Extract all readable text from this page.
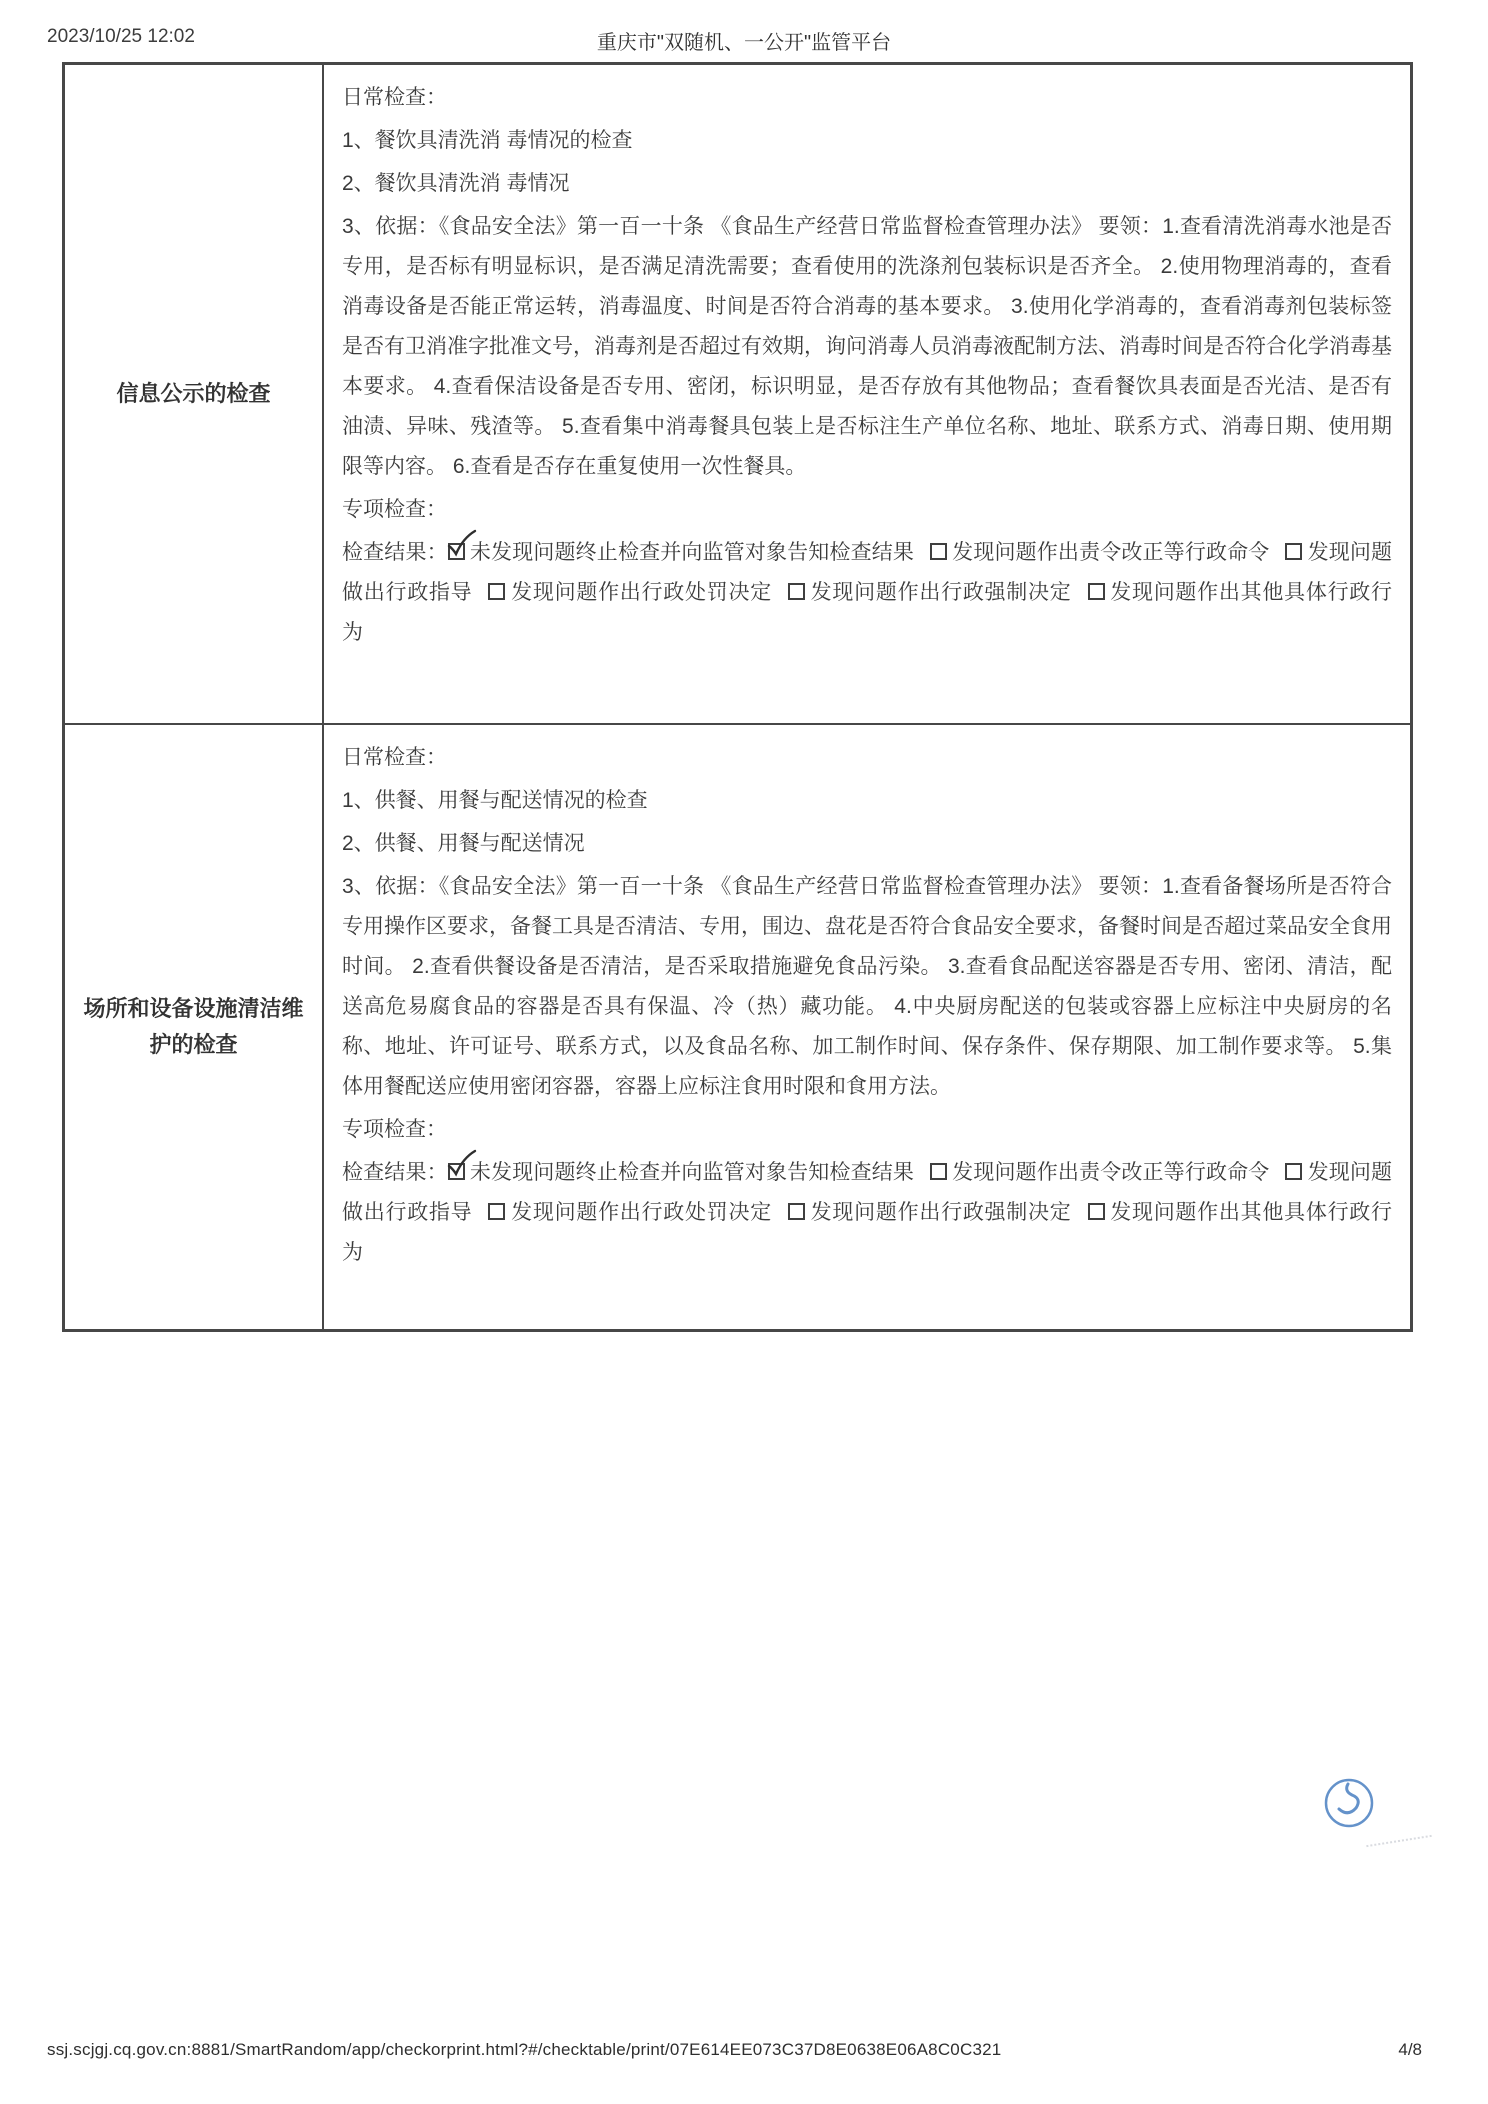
2023/10/25 12:02	重庆市"双随机、一公开"监管平台
信息公示的检查

日常检查：

1、餐饮具清洗消 毒情况的检查

2、餐饮具清洗消 毒情况

3、依据：《食品安全法》第一百一十条 《食品生产经营日常监督检查管理办法》 要领：1.查看清洗消毒水池是否专用，是否标有明显标识，是否满足清洗需要；查看使用的洗涤剂包装标识是否齐全。 2.使用物理消毒的，查看消毒设备是否能正常运转，消毒温度、时间是否符合消毒的基本要求。 3.使用化学消毒的，查看消毒剂包装标签是否有卫消准字批准文号，消毒剂是否超过有效期，询问消毒人员消毒液配制方法、消毒时间是否符合化学消毒基本要求。 4.查看保洁设备是否专用、密闭，标识明显，是否存放有其他物品；查看餐饮具表面是否光洁、是否有油渍、异味、残渣等。 5.查看集中消毒餐具包装上是否标注生产单位名称、地址、联系方式、消毒日期、使用期限等内容。 6.查看是否存在重复使用一次性餐具。

专项检查：

检查结果： 未发现问题终止检查并向监管对象告知检查结果 发现问题作出责令改正等行政命令 发现问题做出行政指导 发现问题作出行政处罚决定 发现问题作出行政强制决定 发现问题作出其他具体行政行为

场所和设备设施清洁维护的检查

日常检查：

1、供餐、用餐与配送情况的检查

2、供餐、用餐与配送情况

3、依据：《食品安全法》第一百一十条 《食品生产经营日常监督检查管理办法》 要领：1.查看备餐场所是否符合专用操作区要求，备餐工具是否清洁、专用，围边、盘花是否符合食品安全要求，备餐时间是否超过菜品安全食用时间。 2.查看供餐设备是否清洁，是否采取措施避免食品污染。 3.查看食品配送容器是否专用、密闭、清洁，配送高危易腐食品的容器是否具有保温、冷（热）藏功能。 4.中央厨房配送的包装或容器上应标注中央厨房的名称、地址、许可证号、联系方式，以及食品名称、加工制作时间、保存条件、保存期限、加工制作要求等。 5.集体用餐配送应使用密闭容器，容器上应标注食用时限和食用方法。

专项检查：

检查结果： 未发现问题终止检查并向监管对象告知检查结果 发现问题作出责令改正等行政命令 发现问题做出行政指导 发现问题作出行政处罚决定 发现问题作出行政强制决定 发现问题作出其他具体行政行为

ssj.scjgj.cq.gov.cn:8881/SmartRandom/app/checkorprint.html?#/checktable/print/07E614EE073C37D8E0638E06A8C0C321	4/8
